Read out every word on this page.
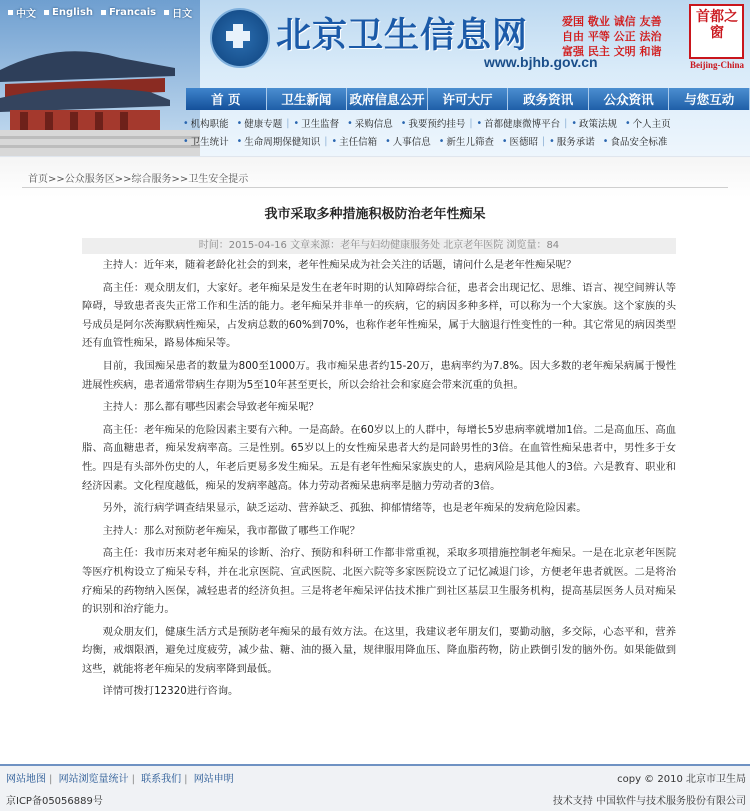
中文 English Francais 日文
北京卫生信息网
www.bjhb.gov.cn
爱国 敬业 诚信 友善
自由 平等 公正 法治
富强 民主 文明 和谐
首都之窗
Beijing-China
首 页	卫生新闻	政府信息公开	许可大厅	政务资讯	公众资讯	与您互动
• 机构职能 • 健康专题 | • 卫生监督 • 采购信息 • 我要预约挂号 | • 首都健康微博平台 | • 政策法规 • 个人主页
• 卫生统计 • 生命周期保健知识 | • 主任信箱 • 人事信息 • 新生儿筛查 • 医德昭 | • 服务承诺 • 食品安全标准
首页>>公众服务区>>综合服务>>卫生安全提示
我市采取多种措施积极防治老年性痴呆
时间：2015-04-16 文章来源：老年与妇幼健康服务处 北京老年医院 浏览量：84

主持人：近年来，随着老龄化社会的到来，老年性痴呆成为社会关注的话题，请问什么是老年性痴呆呢？

高主任：观众朋友们，大家好。老年痴呆是发生在老年时期的认知障碍综合征，患者会出现记忆、思维、语言、视空间辨认等障碍，导致患者丧失正常工作和生活的能力。老年痴呆并非单一的疾病，它的病因多种多样，可以称为一个大家族。这个家族的头号成员是阿尔茨海默病性痴呆，占发病总数的60%到70%，也称作老年性痴呆，属于大脑退行性变性的一种。其它常见的病因类型还有血管性痴呆，路易体痴呆等。

目前，我国痴呆患者的数量为800至1000万。我市痴呆患者约15-20万，患病率约为7.8%。因大多数的老年痴呆病属于慢性进展性疾病，患者通常带病生存期为5至10年甚至更长，所以会给社会和家庭会带来沉重的负担。

主持人：那么都有哪些因素会导致老年痴呆呢？

高主任：老年痴呆的危险因素主要有六种。一是高龄。在60岁以上的人群中，每增长5岁患病率就增加1倍。二是高血压、高血脂、高血糖患者，痴呆发病率高。三是性别。65岁以上的女性痴呆患者大约是同龄男性的3倍。在血管性痴呆患者中，男性多于女性。四是有头部外伤史的人，年老后更易多发生痴呆。五是有老年性痴呆家族史的人，患病风险是其他人的3倍。六是教育、职业和经济因素。文化程度越低，痴呆的发病率越高。体力劳动者痴呆患病率是脑力劳动者的3倍。

另外，流行病学调查结果显示，缺乏运动、营养缺乏、孤独、抑郁情绪等，也是老年痴呆的发病危险因素。

主持人：那么对预防老年痴呆，我市都做了哪些工作呢？

高主任：我市历来对老年痴呆的诊断、治疗、预防和科研工作都非常重视，采取多项措施控制老年痴呆。一是在北京老年医院等医疗机构设立了痴呆专科，并在北京医院、宣武医院、北医六院等多家医院设立了记忆减退门诊，方便老年患者就医。二是将治疗痴呆的药物纳入医保，减轻患者的经济负担。三是将老年痴呆评估技术推广到社区基层卫生服务机构，提高基层医务人员对痴呆的识别和治疗能力。

观众朋友们，健康生活方式是预防老年痴呆的最有效方法。在这里，我建议老年朋友们，要勤动脑，多交际，心态平和，营养均衡，戒烟限酒，避免过度疲劳，减少盐、糖、油的摄入量，规律服用降血压、降血脂药物，防止跌倒引发的脑外伤。如果能做到这些，就能将老年痴呆的发病率降到最低。

详情可拨打12320进行咨询。

网站地图 | 网站浏览量统计 | 联系我们 | 网站申明	copy © 2010 北京市卫生局
京ICP备05056889号	技术支持 中国软件与技术服务股份有限公司
